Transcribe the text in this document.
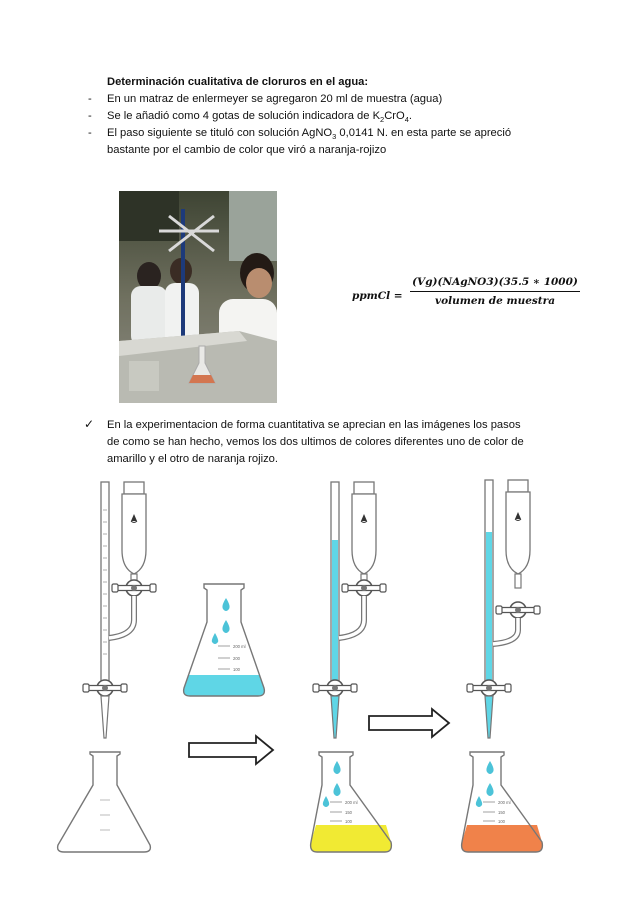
Determinación cualitativa de cloruros en el agua:
- En un matraz de enlermeyer se agregaron 20 ml de muestra (agua)
- Se le añadió como 4 gotas de solución indicadora de $K_2CrO_4$.
- El paso siguiente se tituló con solución AgNO$_3$ 0,0141 N. en esta parte se apreció
bastante por el cambio de color que viró a naranja-rojizo
ppmCl =
(Vg)(NAgNO3)(35.5 ∗ 1000)
volumen de muestra
✓ En la experimentacion de forma cuantitativa se aprecian en las imágenes los pasos
de como se han hecho, vemos los dos ultimos de colores diferentes uno de color de
amarillo y el otro de naranja rojizo.
200 ml
200
100
200 ml
150
100
200 ml
150
100
